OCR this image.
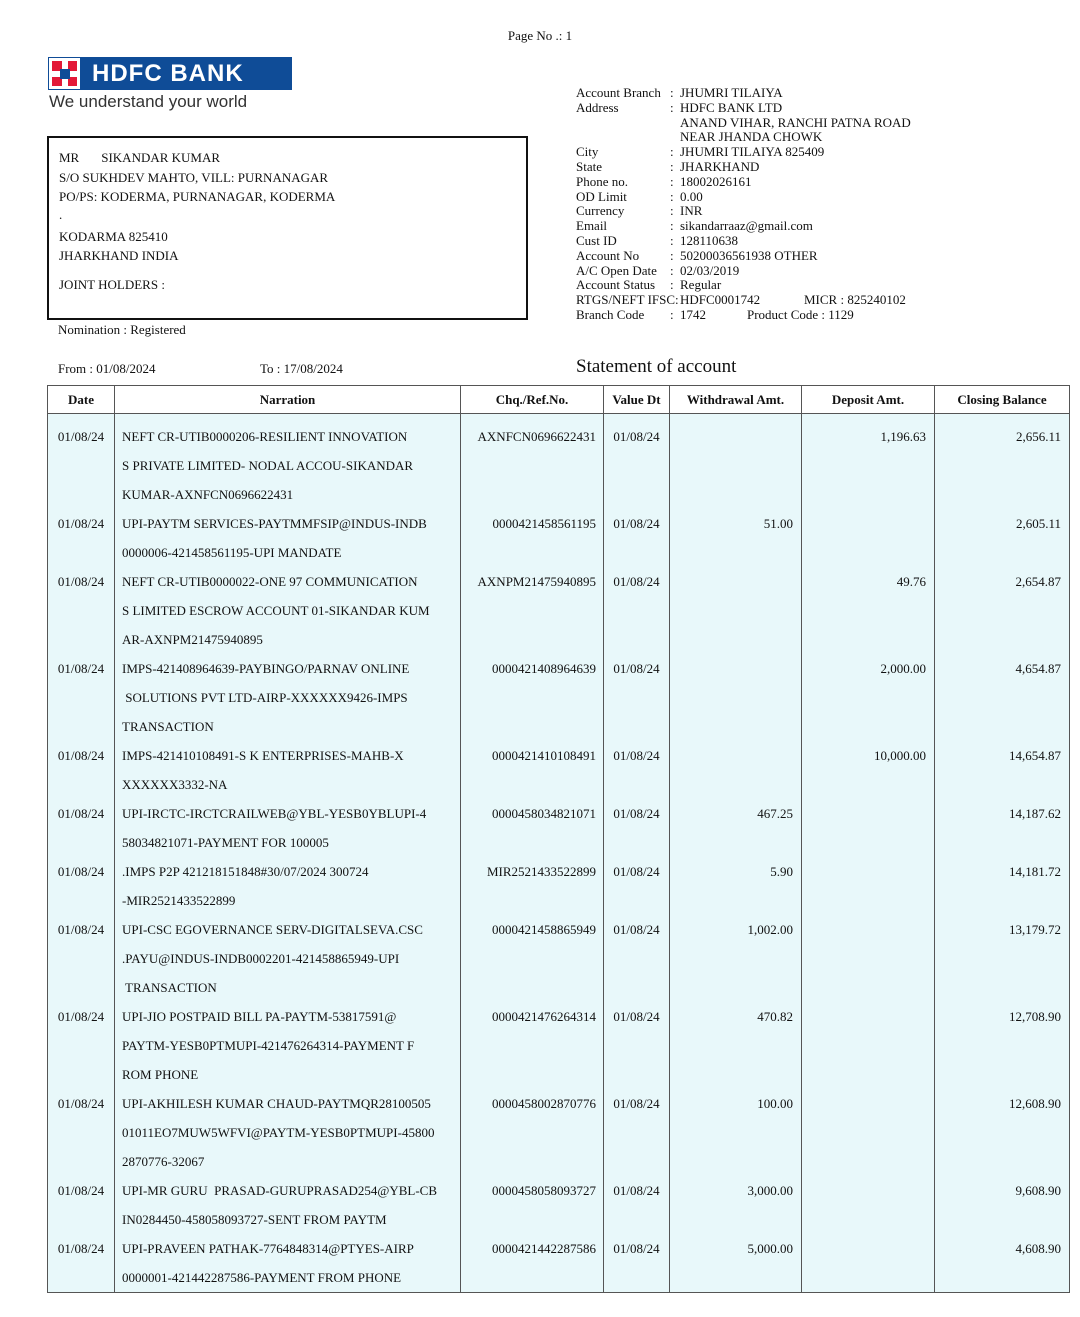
Page No .: 1
HDFC BANK
We understand your world
MR SIKANDAR KUMAR
S/O SUKHDEV MAHTO, VILL: PURNANAGAR
PO/PS: KODERMA, PURNANAGAR, KODERMA
.
KODARMA 825410
JHARKHAND INDIA
JOINT HOLDERS :
Nomination : Registered
Account Branch : JHUMRI TILAIYA
Address	: HDFC BANK LTD
ANAND VIHAR, RANCHI PATNA ROAD
NEAR JHANDA CHOWK
City	: JHUMRI TILAIYA 825409
State	: JHARKHAND
Phone no.	: 18002026161
OD Limit	: 0.00
Currency	: INR
Email	: sikandarraaz@gmail.com
Cust ID	: 128110638
Account No	: 50200036561938 OTHER
A/C Open Date	: 02/03/2019
Account Status	: Regular
RTGS/NEFT IFSC: HDFC0001742	MICR : 825240102
Branch Code	: 1742	Product Code : 1129
From : 01/08/2024	To : 17/08/2024	Statement of account
Date	Narration	Chq./Ref.No.	Value Dt	Withdrawal Amt.	Deposit Amt.	Closing Balance

01/08/24	NEFT CR-UTIB0000206-RESILIENT INNOVATION
S PRIVATE LIMITED- NODAL ACCOU-SIKANDAR
KUMAR-AXNFCN0696622431	AXNFCN0696622431	01/08/24		1,196.63	2,656.11

01/08/24	UPI-PAYTM SERVICES-PAYTMMFSIP@INDUS-INDB
0000006-421458561195-UPI MANDATE	0000421458561195	01/08/24	51.00		2,605.11

01/08/24	NEFT CR-UTIB0000022-ONE 97 COMMUNICATION
S LIMITED ESCROW ACCOUNT 01-SIKANDAR KUM
AR-AXNPM21475940895	AXNPM21475940895	01/08/24		49.76	2,654.87

01/08/24	IMPS-421408964639-PAYBINGO/PARNAV ONLINE
SOLUTIONS PVT LTD-AIRP-XXXXXX9426-IMPS
TRANSACTION	0000421408964639	01/08/24		2,000.00	4,654.87

01/08/24	IMPS-421410108491-S K ENTERPRISES-MAHB-X
XXXXXX3332-NA	0000421410108491	01/08/24		10,000.00	14,654.87

01/08/24	UPI-IRCTC-IRCTCRAILWEB@YBL-YESB0YBLUPI-4
58034821071-PAYMENT FOR 100005	0000458034821071	01/08/24	467.25		14,187.62

01/08/24	.IMPS P2P 421218151848#30/07/2024 300724
-MIR2521433522899	MIR2521433522899	01/08/24	5.90		14,181.72

01/08/24	UPI-CSC EGOVERNANCE SERV-DIGITALSEVA.CSC
.PAYU@INDUS-INDB0002201-421458865949-UPI
TRANSACTION	0000421458865949	01/08/24	1,002.00		13,179.72

01/08/24	UPI-JIO POSTPAID BILL PA-PAYTM-53817591@
PAYTM-YESB0PTMUPI-421476264314-PAYMENT F
ROM PHONE	0000421476264314	01/08/24	470.82		12,708.90

01/08/24	UPI-AKHILESH KUMAR CHAUD-PAYTMQR28100505
01011EO7MUW5WFVI@PAYTM-YESB0PTMUPI-45800
2870776-32067	0000458002870776	01/08/24	100.00		12,608.90

01/08/24	UPI-MR GURU  PRASAD-GURUPRASAD254@YBL-CB
IN0284450-458058093727-SENT FROM PAYTM	0000458058093727	01/08/24	3,000.00		9,608.90

01/08/24	UPI-PRAVEEN PATHAK-7764848314@PTYES-AIRP
0000001-421442287586-PAYMENT FROM PHONE	0000421442287586	01/08/24	5,000.00		4,608.90
